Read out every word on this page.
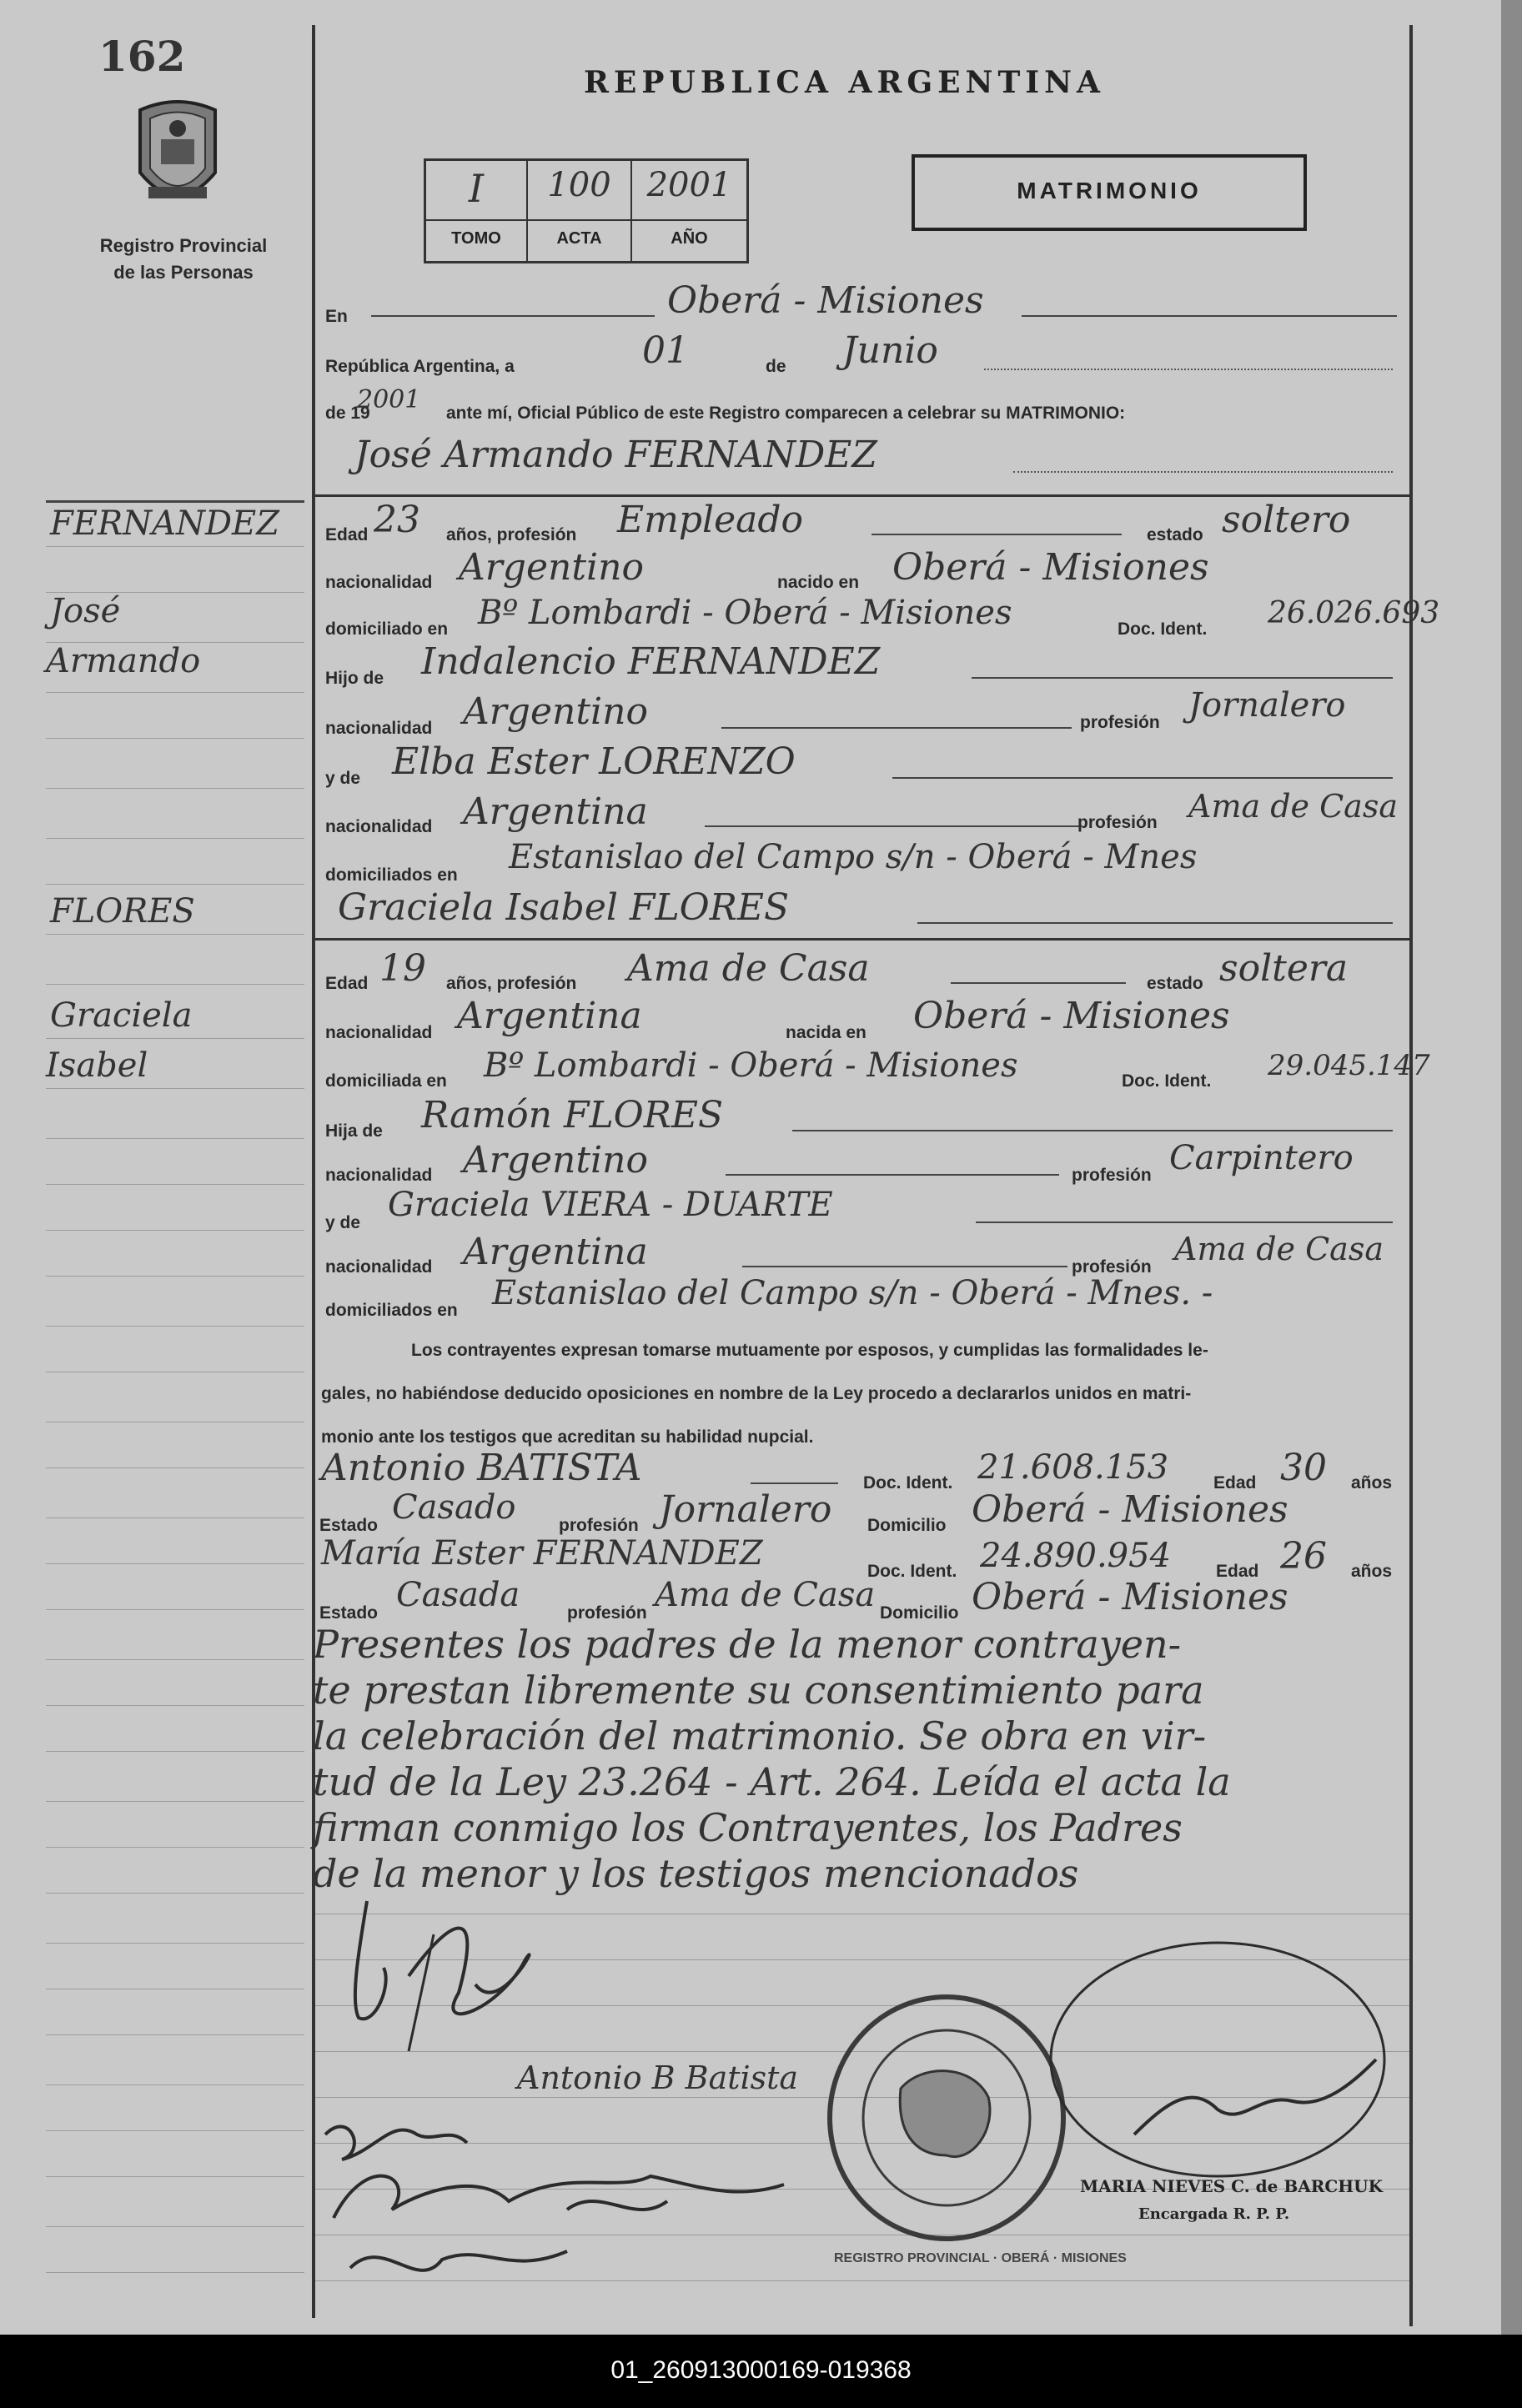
162
Registro Provincial
de las Personas
FERNANDEZ
José
Armando
FLORES
Graciela
Isabel
REPUBLICA ARGENTINA
I	100	2001
TOMO	ACTA	AÑO
MATRIMONIO
En	Oberá - Misiones
República Argentina, a	01	de Junio
de 19
2001 ante mí, Oficial Público de este Registro comparecen a celebrar su MATRIMONIO:
José Armando FERNANDEZ
Edad 23 años, profesión Empleado	estado soltero
nacionalidad Argentino	nacido en Oberá - Misiones
domiciliado en Bº Lombardi - Oberá - Misiones	Doc. Ident. 26.026.693
Hijo de Indalencio FERNANDEZ
nacionalidad Argentino	profesión Jornalero
y de Elba Ester LORENZO
nacionalidad Argentina	profesión Ama de Casa
domiciliados en Estanislao del Campo s/n - Oberá - Mnes
Graciela Isabel FLORES
Edad 19 años, profesión Ama de Casa	estado soltera
nacionalidad Argentina	nacida en Oberá - Misiones
domiciliada en Bº Lombardi - Oberá - Misiones	Doc. Ident. 29.045.147
Hija de Ramón FLORES
nacionalidad Argentino	profesión Carpintero
y de Graciela VIERA - DUARTE
nacionalidad Argentina	profesión Ama de Casa
domiciliados en Estanislao del Campo s/n - Oberá - Mnes. -
Los contrayentes expresan tomarse mutuamente por esposos, y cumplidas las formalidades le-
gales, no habiéndose deducido oposiciones en nombre de la Ley procedo a declararlos unidos en matri-
monio ante los testigos que acreditan su habilidad nupcial.
Antonio BATISTA	Doc. Ident. 21.608.153	Edad 30 años
Estado Casado profesión Jornalero Domicilio Oberá - Misiones
María Ester FERNANDEZ	Doc. Ident. 24.890.954	Edad 26 años
Estado Casada	profesión Ama de Casa Domicilio Oberá - Misiones
Presentes los padres de la menor contrayen-
te prestan libremente su consentimiento para
la celebración del matrimonio. Se obra en vir-
tud de la Ley 23.264 - Art. 264. Leída el acta la
firman conmigo los Contrayentes, los Padres
de la menor y los testigos mencionados
Antonio B Batista
REGISTRO PROVINCIAL · OBERÁ · MISIONES
MARIA NIEVES C. de BARCHUK
Encargada R. P. P.
01_260913000169-019368
